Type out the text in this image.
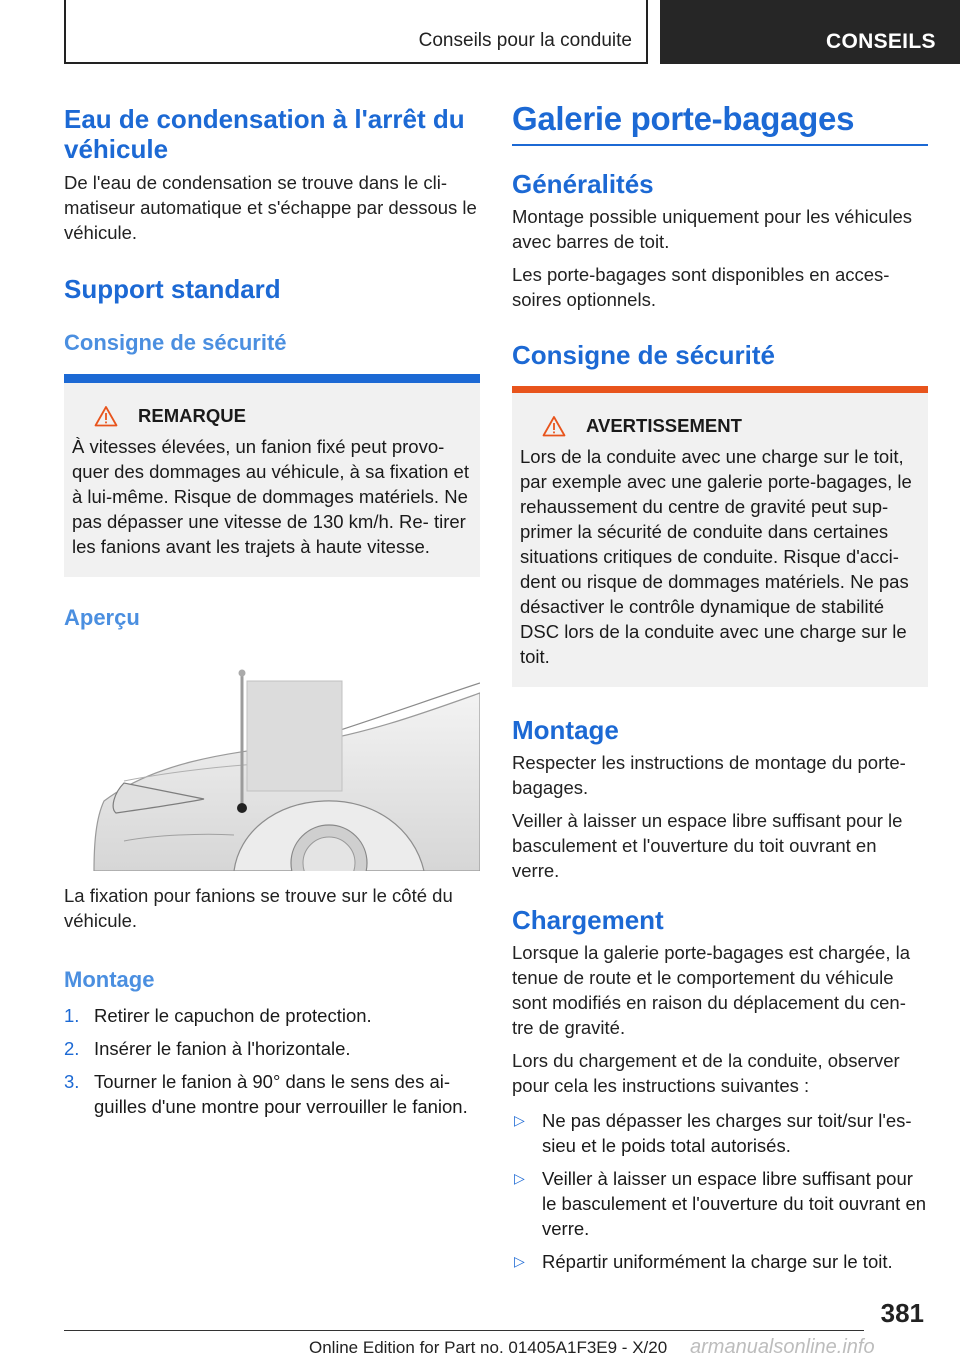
Conseils pour la conduite	CONSEILS
Eau de condensation à l'arrêt du véhicule

De l'eau de condensation se trouve dans le cli- matiseur automatique et s'échappe par dessous le véhicule.

Support standard
Consigne de sécurité
REMARQUE
À vitesses élevées, un fanion fixé peut provo- quer des dommages au véhicule, à sa fixation et à lui-même. Risque de dommages matériels. Ne pas dépasser une vitesse de 130 km/h. Re- tirer les fanions avant les trajets à haute vitesse.
Aperçu

La fixation pour fanions se trouve sur le côté du véhicule.

Montage
1. Retirer le capuchon de protection.
2. Insérer le fanion à l'horizontale.
3. Tourner le fanion à 90° dans le sens des ai- guilles d'une montre pour verrouiller le fanion.
Galerie porte-bagages
Généralités

Montage possible uniquement pour les véhicules avec barres de toit.

Les porte-bagages sont disponibles en acces- soires optionnels.

Consigne de sécurité
AVERTISSEMENT
Lors de la conduite avec une charge sur le toit, par exemple avec une galerie porte-bagages, le rehaussement du centre de gravité peut sup- primer la sécurité de conduite dans certaines situations critiques de conduite. Risque d'acci- dent ou risque de dommages matériels. Ne pas désactiver le contrôle dynamique de stabilité DSC lors de la conduite avec une charge sur le toit.
Montage

Respecter les instructions de montage du porte- bagages.

Veiller à laisser un espace libre suffisant pour le basculement et l'ouverture du toit ouvrant en verre.

Chargement

Lorsque la galerie porte-bagages est chargée, la tenue de route et le comportement du véhicule sont modifiés en raison du déplacement du cen- tre de gravité.

Lors du chargement et de la conduite, observer pour cela les instructions suivantes :

▷ Ne pas dépasser les charges sur toit/sur l'es- sieu et le poids total autorisés.
▷ Veiller à laisser un espace libre suffisant pour le basculement et l'ouverture du toit ouvrant en verre.
▷ Répartir uniformément la charge sur le toit.
381
Online Edition for Part no. 01405A1F3E9 - X/20 armanualsonline.info
